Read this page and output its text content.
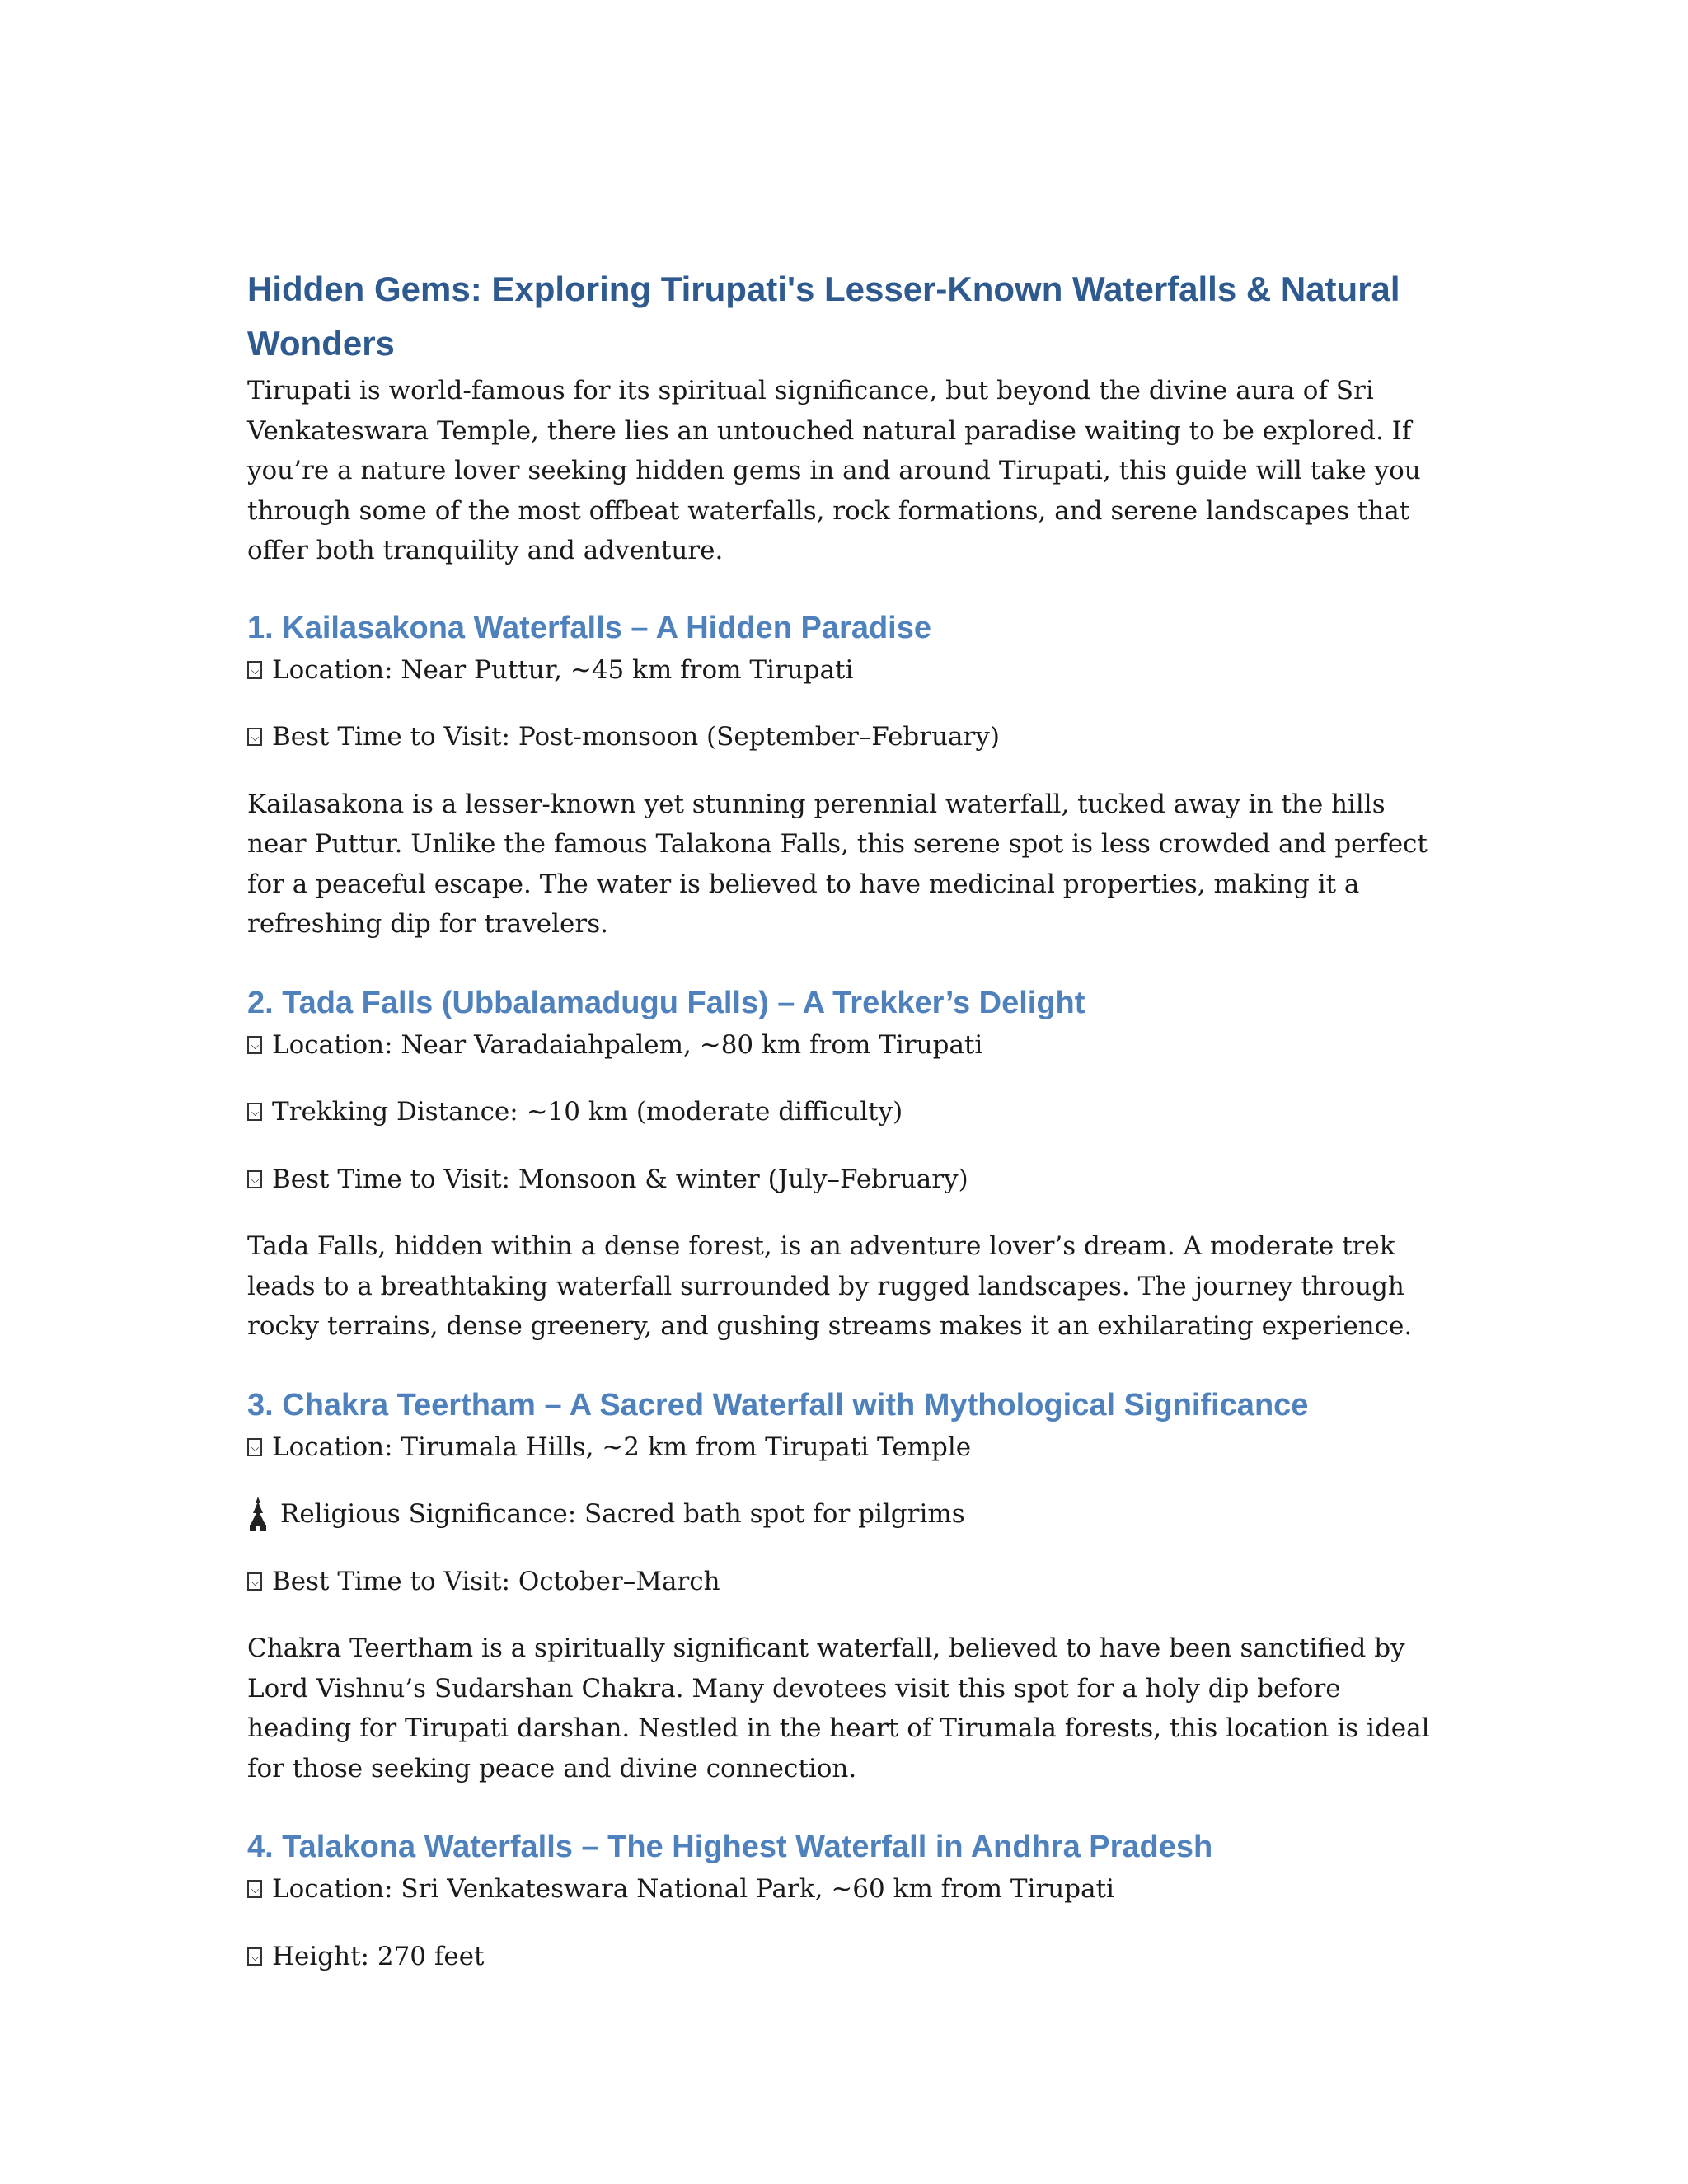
Hidden Gems: Exploring Tirupati's Lesser-Known Waterfalls & Natural Wonders

Tirupati is world-famous for its spiritual significance, but beyond the divine aura of Sri Venkateswara Temple, there lies an untouched natural paradise waiting to be explored. If you’re a nature lover seeking hidden gems in and around Tirupati, this guide will take you through some of the most offbeat waterfalls, rock formations, and serene landscapes that offer both tranquility and adventure.

1. Kailasakona Waterfalls – A Hidden Paradise

Location: Near Puttur, ~45 km from Tirupati

Best Time to Visit: Post-monsoon (September–February)

Kailasakona is a lesser-known yet stunning perennial waterfall, tucked away in the hills near Puttur. Unlike the famous Talakona Falls, this serene spot is less crowded and perfect for a peaceful escape. The water is believed to have medicinal properties, making it a refreshing dip for travelers.

2. Tada Falls (Ubbalamadugu Falls) – A Trekker’s Delight

Location: Near Varadaiahpalem, ~80 km from Tirupati

Trekking Distance: ~10 km (moderate difficulty)

Best Time to Visit: Monsoon & winter (July–February)

Tada Falls, hidden within a dense forest, is an adventure lover’s dream. A moderate trek leads to a breathtaking waterfall surrounded by rugged landscapes. The journey through rocky terrains, dense greenery, and gushing streams makes it an exhilarating experience.

3. Chakra Teertham – A Sacred Waterfall with Mythological Significance

Location: Tirumala Hills, ~2 km from Tirupati Temple

Religious Significance: Sacred bath spot for pilgrims

Best Time to Visit: October–March

Chakra Teertham is a spiritually significant waterfall, believed to have been sanctified by Lord Vishnu’s Sudarshan Chakra. Many devotees visit this spot for a holy dip before heading for Tirupati darshan. Nestled in the heart of Tirumala forests, this location is ideal for those seeking peace and divine connection.

4. Talakona Waterfalls – The Highest Waterfall in Andhra Pradesh

Location: Sri Venkateswara National Park, ~60 km from Tirupati

Height: 270 feet
